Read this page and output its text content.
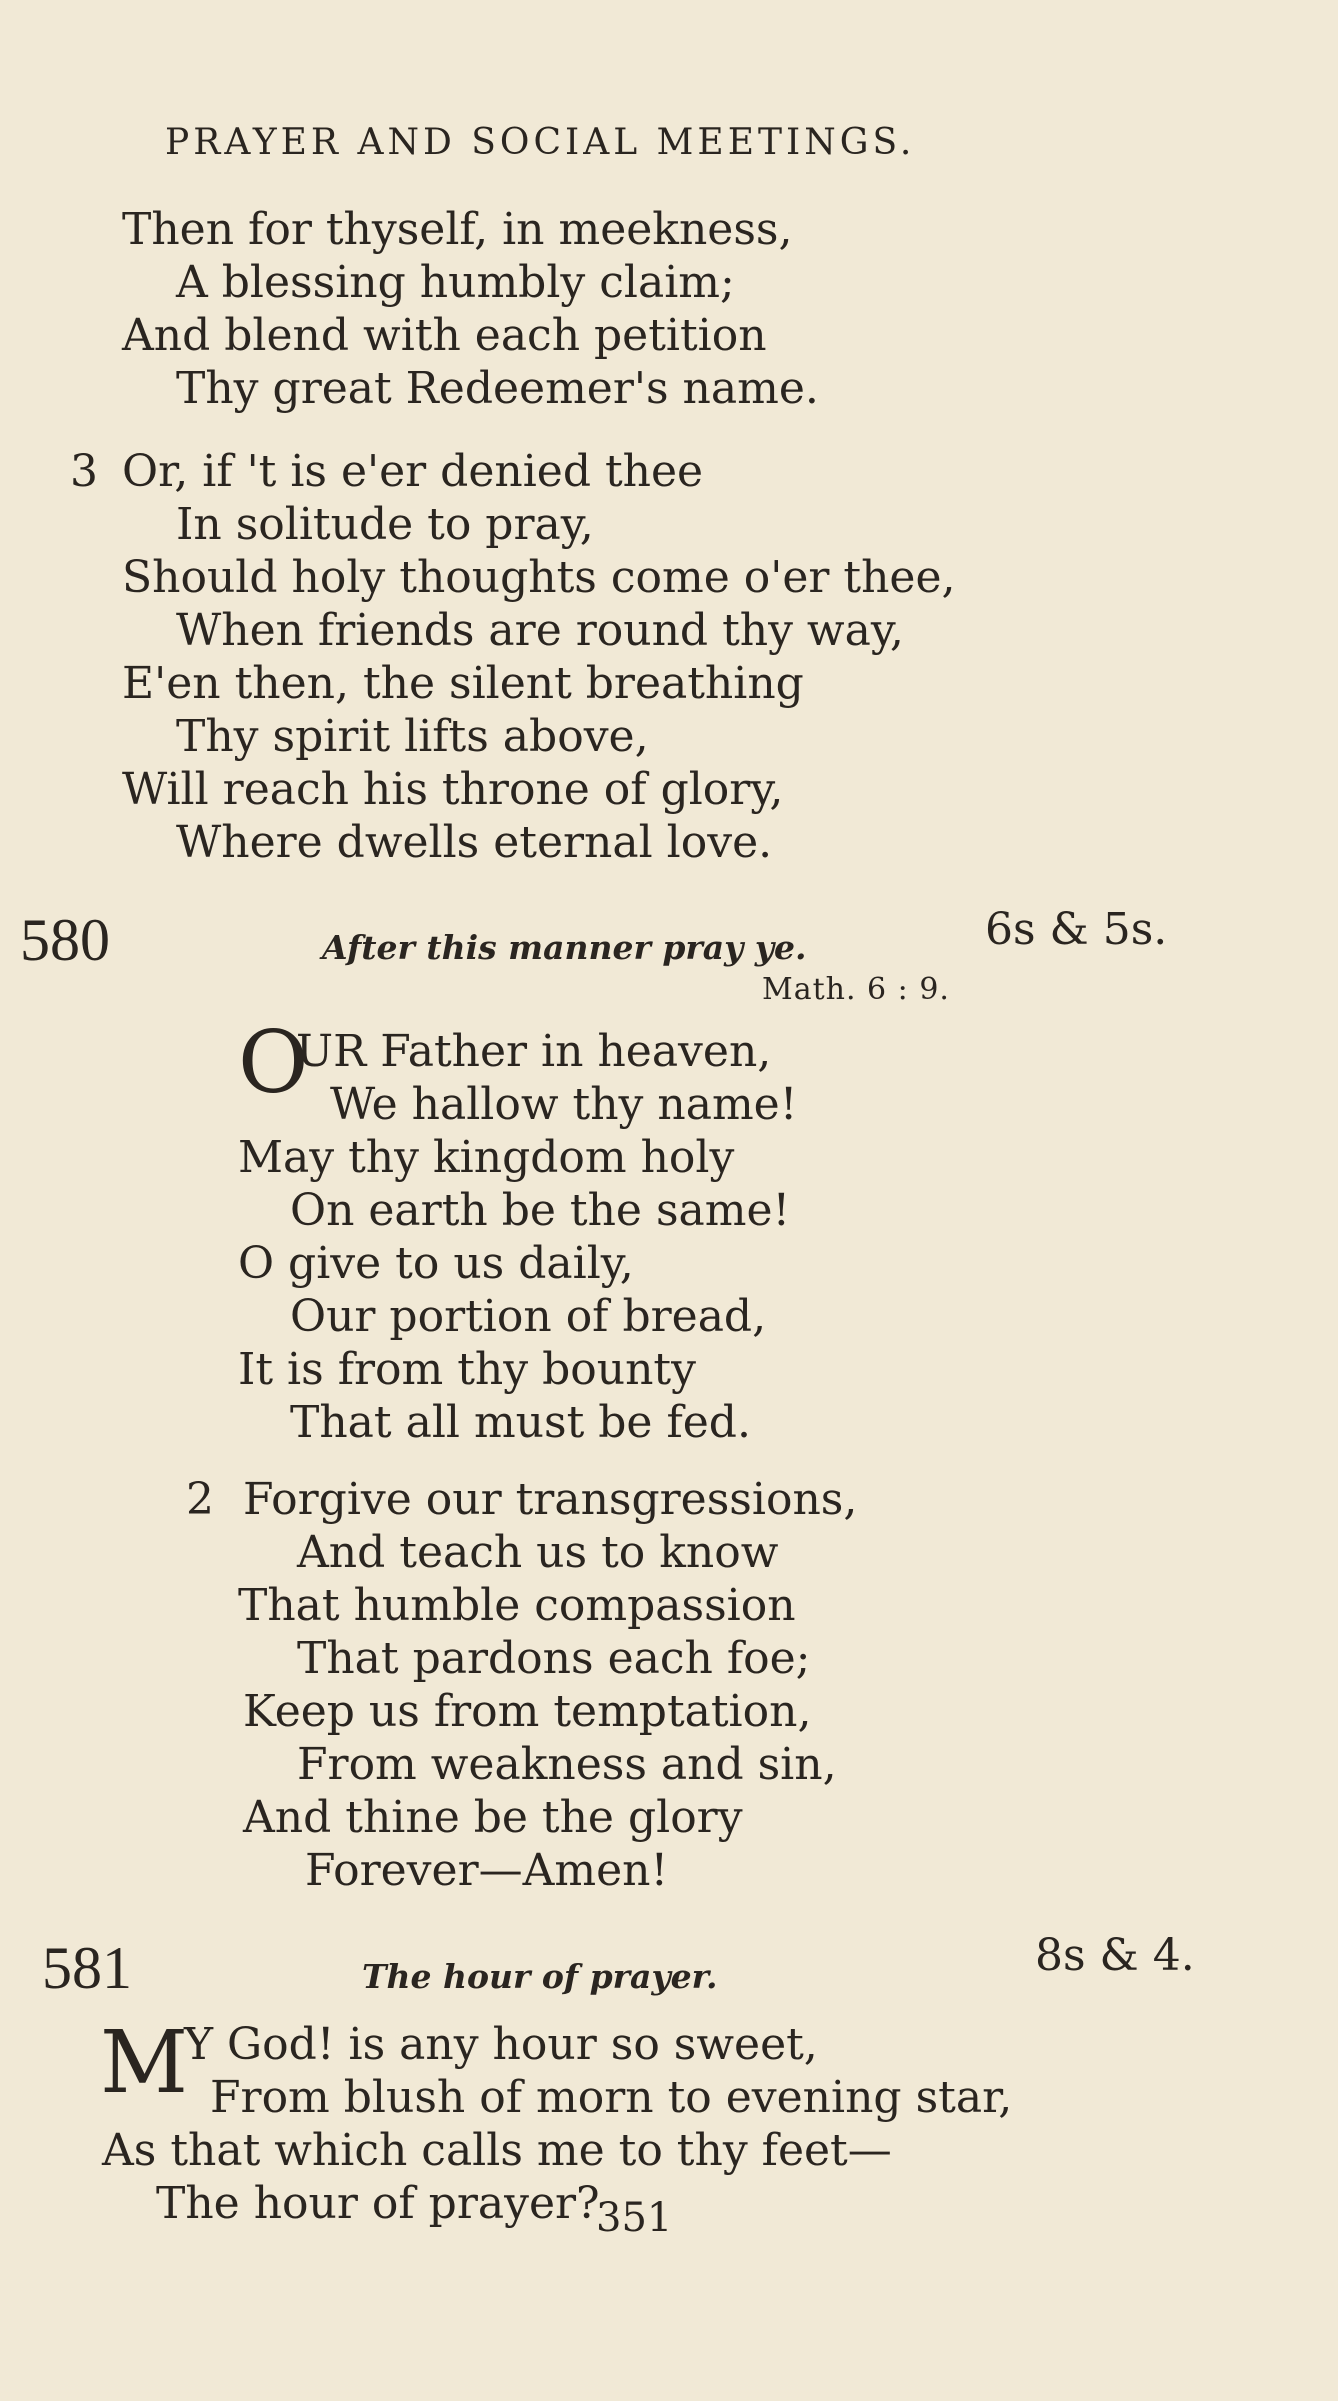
PRAYER AND SOCIAL MEETINGS.
Then for thyself, in meekness,
A blessing humbly claim;
And blend with each petition
Thy great Redeemer's name.
3 Or, if 't is e'er denied thee
In solitude to pray,
Should holy thoughts come o'er thee,
When friends are round thy way,
E'en then, the silent breathing
Thy spirit lifts above,
Will reach his throne of glory,
Where dwells eternal love.
580	After this manner pray ye.	6s & 5s.
Math. 6 : 9.
O
UR Father in heaven,
We hallow thy name!
May thy kingdom holy
On earth be the same!
O give to us daily,
Our portion of bread,
It is from thy bounty
That all must be fed.
2 Forgive our transgressions,
And teach us to know
That humble compassion
That pardons each foe;
Keep us from temptation,
From weakness and sin,
And thine be the glory
Forever—Amen!
581	The hour of prayer.	8s & 4.
M
Y God! is any hour so sweet,
From blush of morn to evening star,
As that which calls me to thy feet—
The hour of prayer?
351
